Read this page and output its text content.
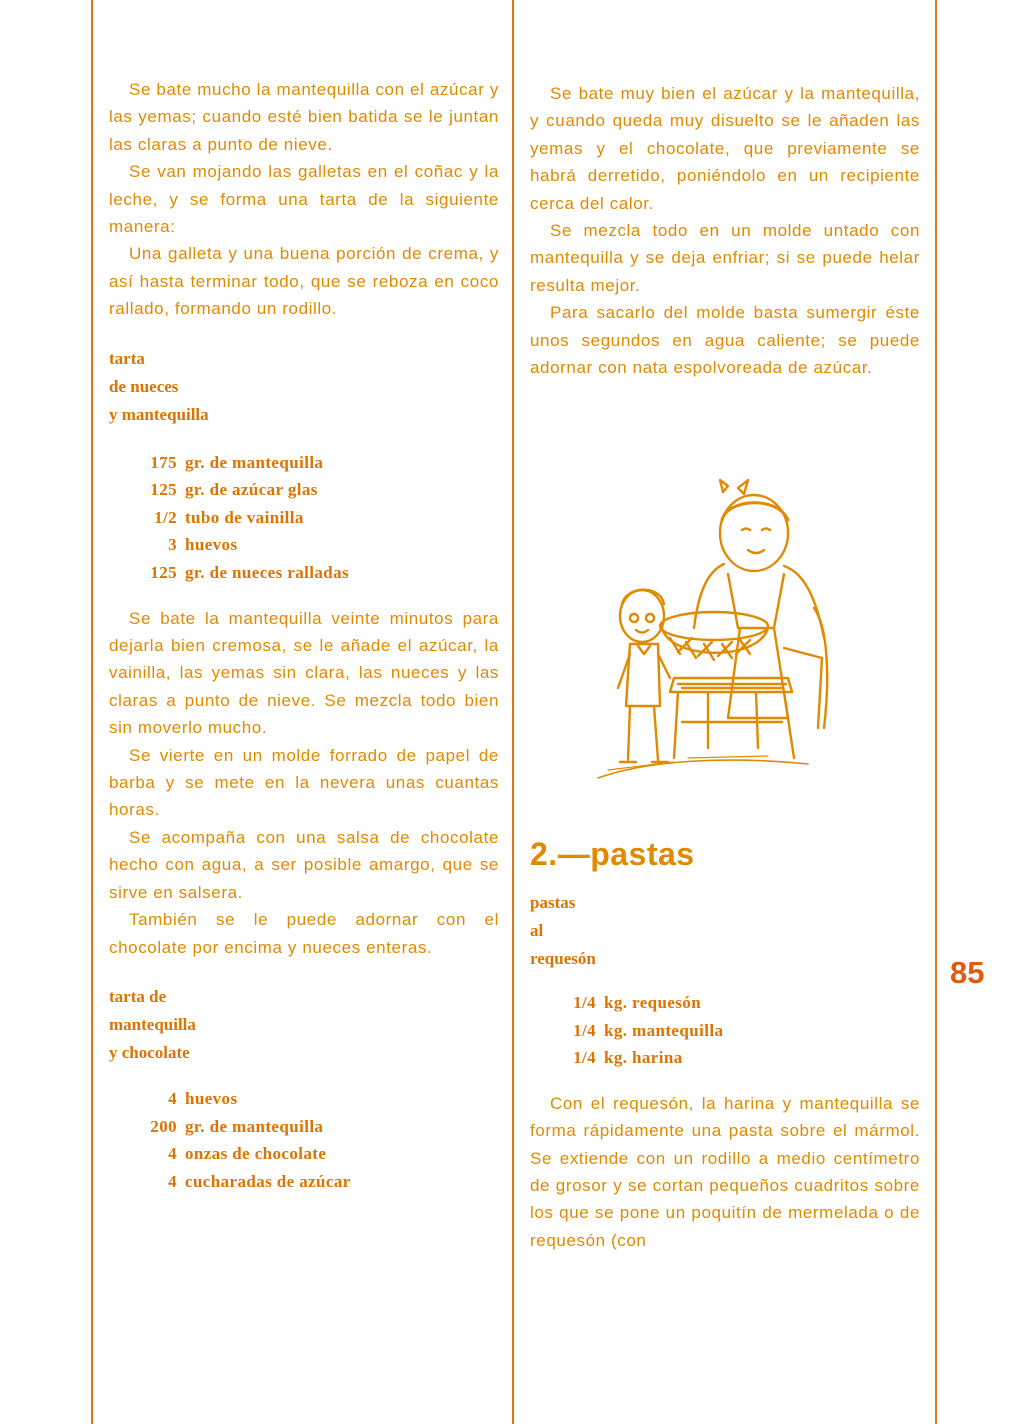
Se bate mucho la mantequilla con el azúcar y las yemas; cuando esté bien batida se le juntan las claras a punto de nieve.

Se van mojando las galletas en el coñac y la leche, y se forma una tarta de la siguiente manera:

Una galleta y una buena porción de crema, y así hasta terminar todo, que se reboza en coco rallado, formando un rodillo.

tarta

de nueces

y mantequilla

175 gr. de mantequilla
125 gr. de azúcar glas
1/2 tubo de vainilla
3 huevos
125 gr. de nueces ralladas

Se bate la mantequilla veinte minutos para dejarla bien cremosa, se le añade el azúcar, la vainilla, las yemas sin clara, las nueces y las claras a punto de nieve. Se mezcla todo bien sin moverlo mucho.

Se vierte en un molde forrado de papel de barba y se mete en la nevera unas cuantas horas.

Se acompaña con una salsa de chocolate hecho con agua, a ser posible amargo, que se sirve en salsera.

También se le puede adornar con el chocolate por encima y nueces enteras.

tarta de

mantequilla

y chocolate

4 huevos
200 gr. de mantequilla
4 onzas de chocolate
4 cucharadas de azúcar

Se bate muy bien el azúcar y la mantequilla, y cuando queda muy disuelto se le añaden las yemas y el chocolate, que previamente se habrá derretido, poniéndolo en un recipiente cerca del calor.

Se mezcla todo en un molde untado con mantequilla y se deja enfriar; si se puede helar resulta mejor.

Para sacarlo del molde basta sumergir éste unos segundos en agua caliente; se puede adornar con nata espolvoreada de azúcar.

2.—pastas

pastas

al

requesón

1/4 kg. requesón
1/4 kg. mantequilla
1/4 kg. harina

Con el requesón, la harina y mantequilla se forma rápidamente una pasta sobre el mármol. Se extiende con un rodillo a medio centímetro de grosor y se cortan pequeños cuadritos sobre los que se pone un poquitín de mermelada o de requesón (con

85
